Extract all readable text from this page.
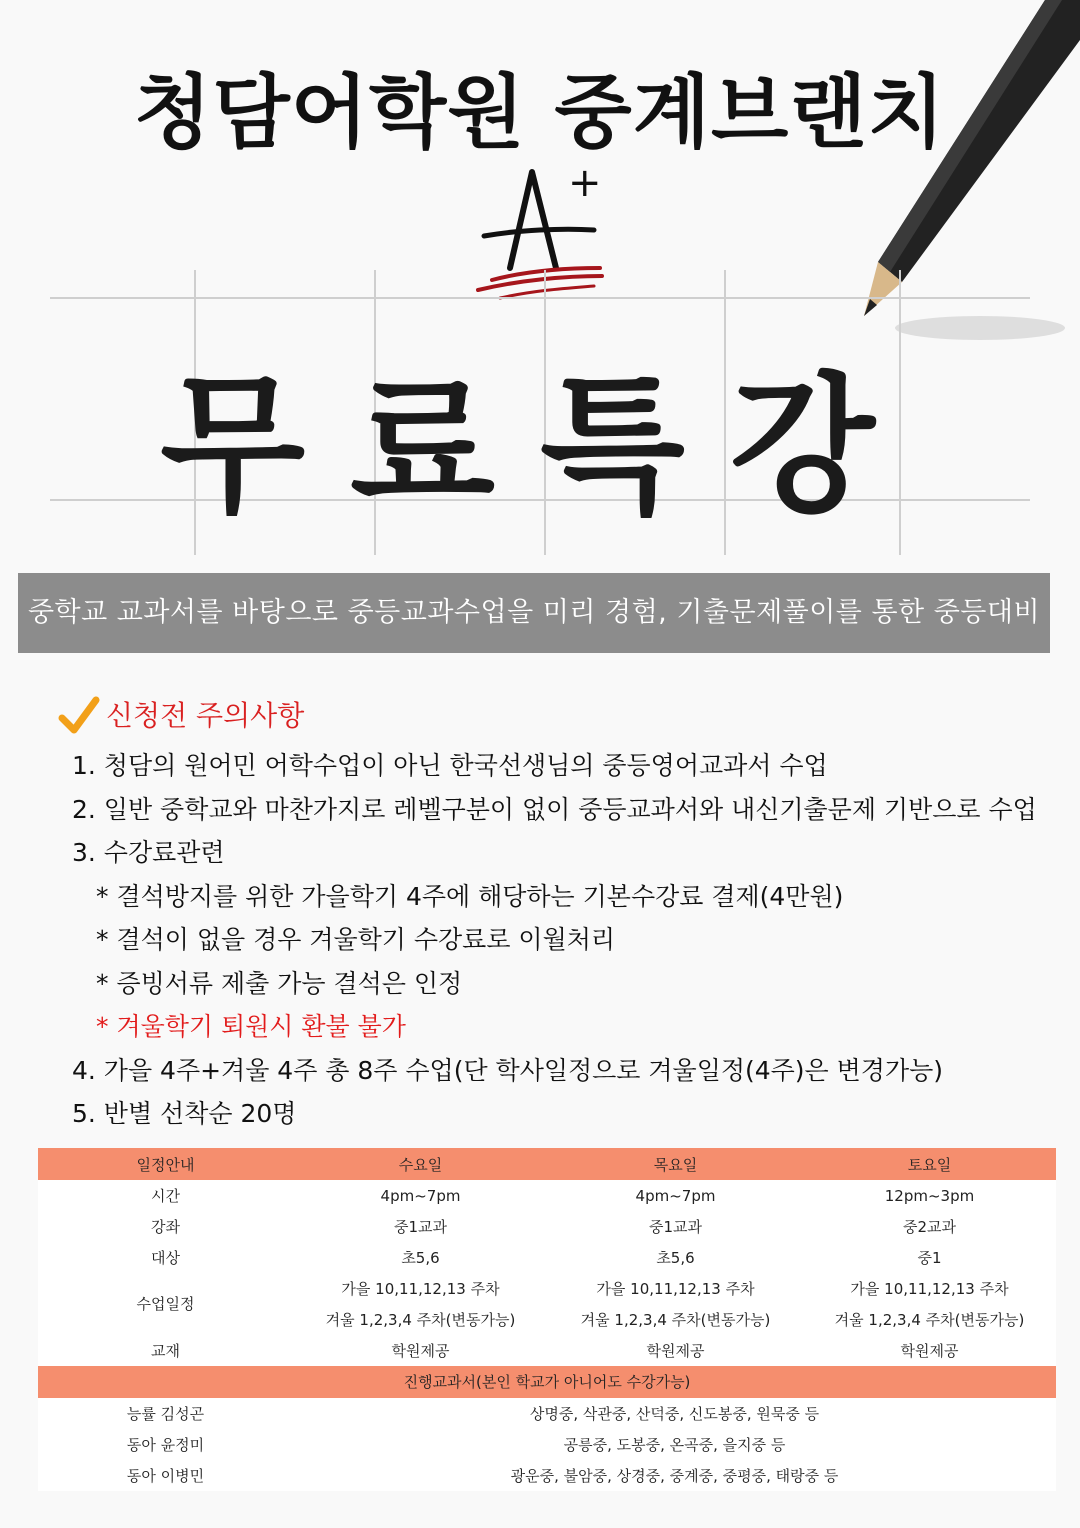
청담어학원 중계브랜치
+
무료특강
중학교 교과서를 바탕으로 중등교과수업을 미리 경험, 기출문제풀이를 통한 중등대비
신청전 주의사항
1. 청담의 원어민 어학수업이 아닌 한국선생님의 중등영어교과서 수업
2. 일반 중학교와 마찬가지로 레벨구분이 없이 중등교과서와 내신기출문제 기반으로 수업
3. 수강료관련
* 결석방지를 위한 가을학기 4주에 해당하는 기본수강료 결제(4만원)
* 결석이 없을 경우 겨울학기 수강료로 이월처리
* 증빙서류 제출 가능 결석은 인정
* 겨울학기 퇴원시 환불 불가
4. 가을 4주+겨울 4주 총 8주 수업(단 학사일정으로 겨울일정(4주)은 변경가능)
5. 반별 선착순 20명
일정안내	수요일	목요일	토요일
시간	4pm~7pm	4pm~7pm	12pm~3pm
강좌	중1교과	중1교과	중2교과
대상	초5,6	초5,6	중1
수업일정	가을 10,11,12,13 주차	가을 10,11,12,13 주차	가을 10,11,12,13 주차
	겨울 1,2,3,4 주차(변동가능)	겨울 1,2,3,4 주차(변동가능)	겨울 1,2,3,4 주차(변동가능)
교재	학원제공	학원제공	학원제공
진행교과서(본인 학교가 아니어도 수강가능)			
능률 김성곤	상명중, 삭관중, 산덕중, 신도봉중, 원묵중 등		
동아 윤정미	공릉중, 도봉중, 온곡중, 을지중 등		
동아 이병민	광운중, 불암중, 상경중, 중계중, 중평중, 태랑중 등		
